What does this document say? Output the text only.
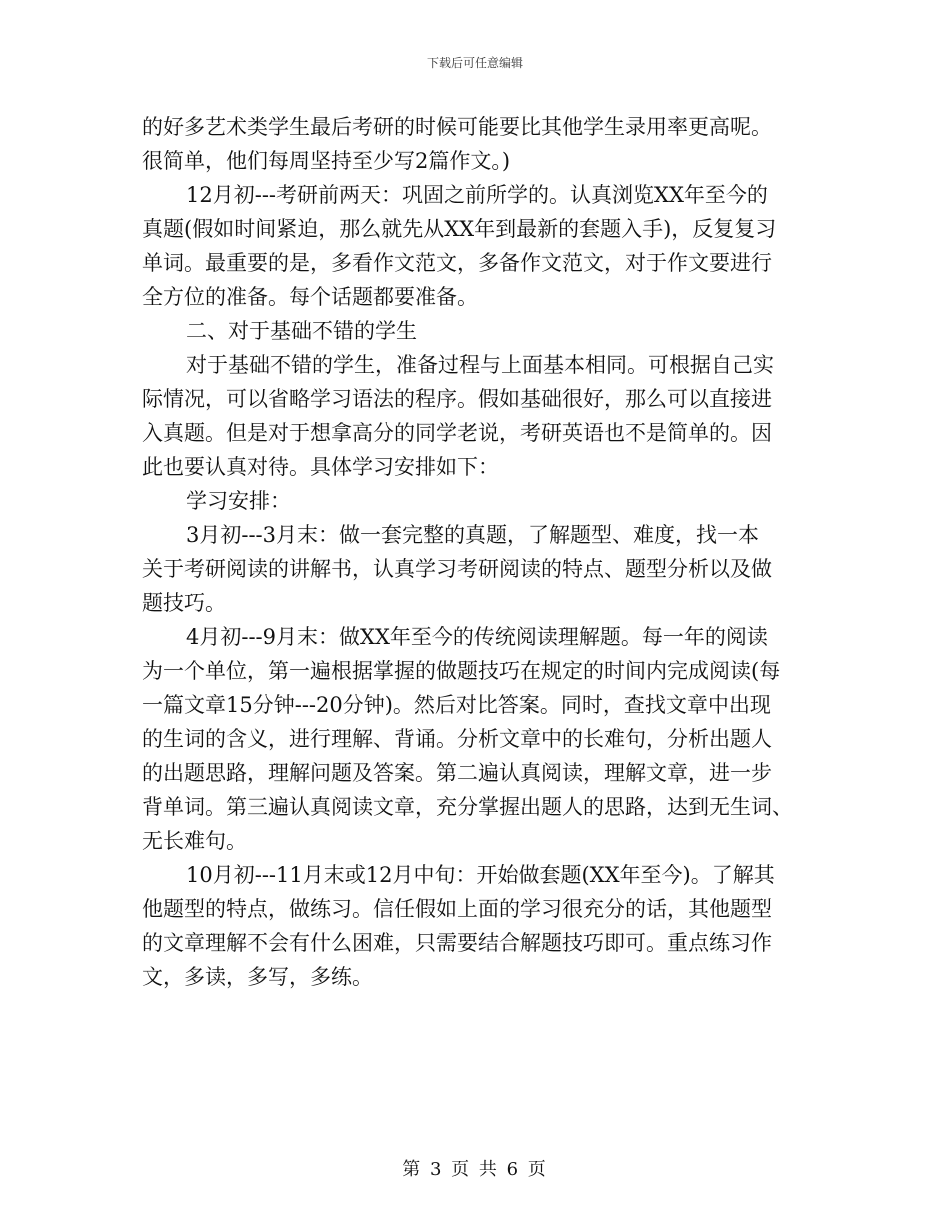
下载后可任意编辑
的好多艺术类学生最后考研的时候可能要比其他学生录用率更高呢。
很简单，他们每周坚持至少写2篇作文。)
12月初---考研前两天：巩固之前所学的。认真浏览XX年至今的
真题(假如时间紧迫，那么就先从XX年到最新的套题入手)，反复复习
单词。最重要的是，多看作文范文，多备作文范文，对于作文要进行
全方位的准备。每个话题都要准备。
二、对于基础不错的学生
对于基础不错的学生，准备过程与上面基本相同。可根据自己实
际情况，可以省略学习语法的程序。假如基础很好，那么可以直接进
入真题。但是对于想拿高分的同学老说，考研英语也不是简单的。因
此也要认真对待。具体学习安排如下：
学习安排：
3月初---3月末：做一套完整的真题，了解题型、难度，找一本
关于考研阅读的讲解书，认真学习考研阅读的特点、题型分析以及做
题技巧。
4月初---9月末：做XX年至今的传统阅读理解题。每一年的阅读
为一个单位，第一遍根据掌握的做题技巧在规定的时间内完成阅读(每
一篇文章15分钟---20分钟)。然后对比答案。同时，查找文章中出现
的生词的含义，进行理解、背诵。分析文章中的长难句，分析出题人
的出题思路，理解问题及答案。第二遍认真阅读，理解文章，进一步
背单词。第三遍认真阅读文章，充分掌握出题人的思路，达到无生词、
无长难句。
10月初---11月末或12月中旬：开始做套题(XX年至今)。了解其
他题型的特点，做练习。信任假如上面的学习很充分的话，其他题型
的文章理解不会有什么困难，只需要结合解题技巧即可。重点练习作
文，多读，多写，多练。
第 3 页 共 6 页
